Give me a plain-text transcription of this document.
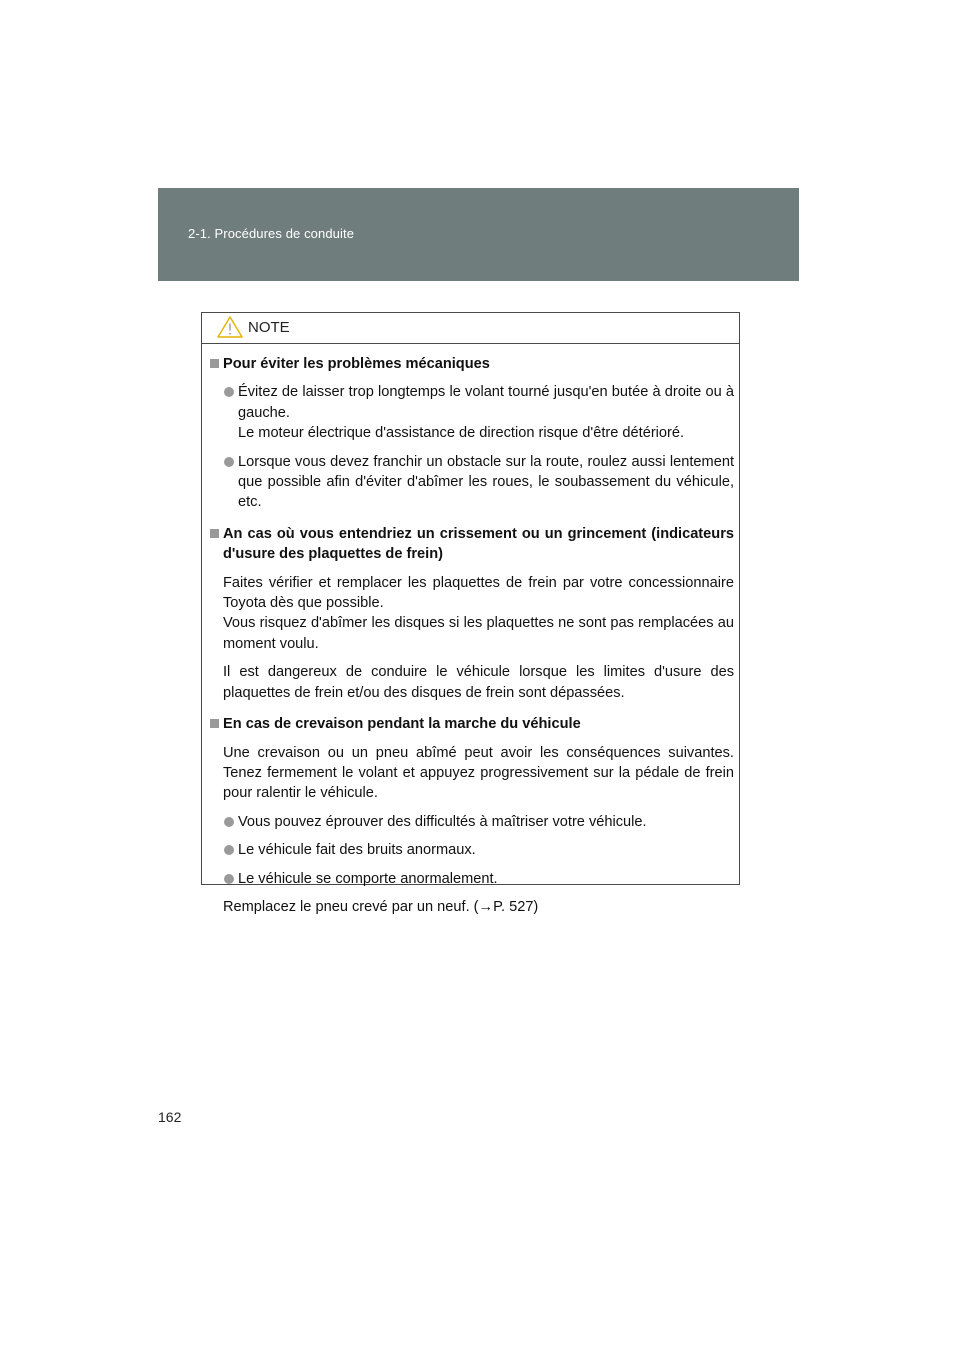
2-1. Procédures de conduite
NOTE
Pour éviter les problèmes mécaniques
Évitez de laisser trop longtemps le volant tourné jusqu'en butée à droite ou à gauche.
Le moteur électrique d'assistance de direction risque d'être détérioré.
Lorsque vous devez franchir un obstacle sur la route, roulez aussi lentement que possible afin d'éviter d'abîmer les roues, le soubassement du véhicule, etc.
An cas où vous entendriez un crissement ou un grincement (indicateurs d'usure des plaquettes de frein)
Faites vérifier et remplacer les plaquettes de frein par votre concessionnaire Toyota dès que possible.
Vous risquez d'abîmer les disques si les plaquettes ne sont pas remplacées au moment voulu.
Il est dangereux de conduire le véhicule lorsque les limites d'usure des plaquettes de frein et/ou des disques de frein sont dépassées.
En cas de crevaison pendant la marche du véhicule
Une crevaison ou un pneu abîmé peut avoir les conséquences suivantes. Tenez fermement le volant et appuyez progressivement sur la pédale de frein pour ralentir le véhicule.
Vous pouvez éprouver des difficultés à maîtriser votre véhicule.
Le véhicule fait des bruits anormaux.
Le véhicule se comporte anormalement.
Remplacez le pneu crevé par un neuf. (→P. 527)
162
